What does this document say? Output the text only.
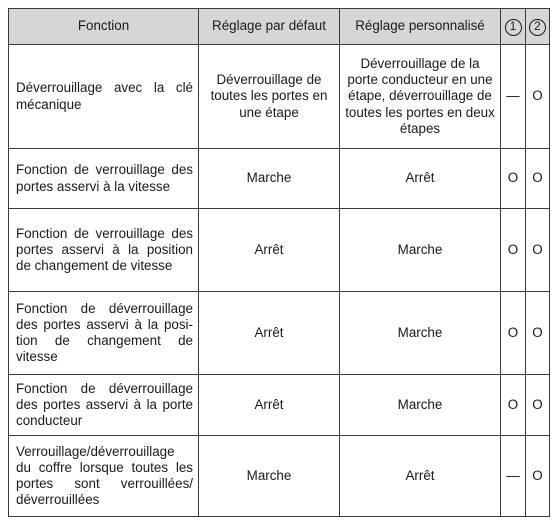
Fonction	Réglage par défaut	Réglage personnalisé	1	2
Déverrouillage avec la clé mécanique	Déverrouillage de toutes les portes en une étape	Déverrouillage de la porte conducteur en une étape, déverrouillage de toutes les portes en deux étapes	—	O
Fonction de verrouillage des portes asservi à la vitesse	Marche	Arrêt	O	O
Fonction de verrouillage des portes asservi à la position de changement de vitesse	Arrêt	Marche	O	O
Fonction de déverrouillage des portes asservi à la position de changement de vitesse	Arrêt	Marche	O	O
Fonction de déverrouillage des portes asservi à la porte conducteur	Arrêt	Marche	O	O
Verrouillage/déverrouillage du coffre lorsque toutes les portes sont verrouillées/ déverrouillées	Marche	Arrêt	—	O
